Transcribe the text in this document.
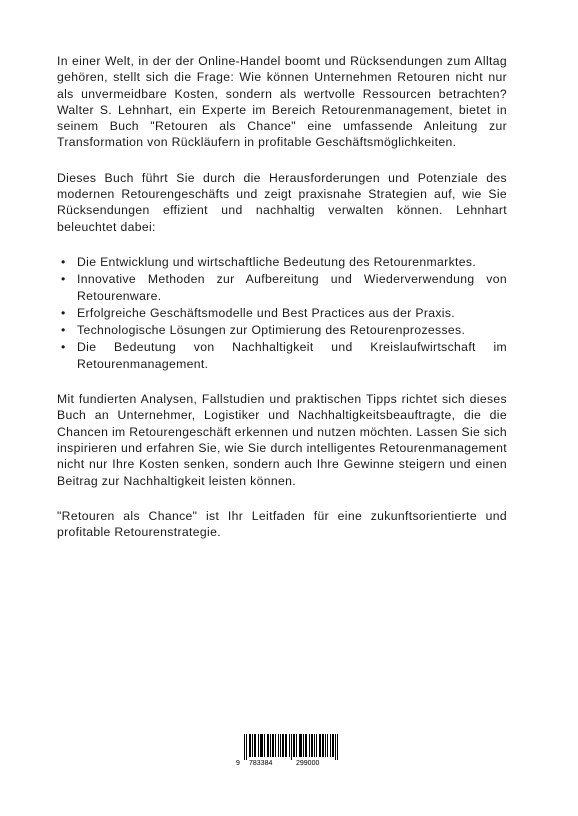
In einer Welt, in der der Online-Handel boomt und Rücksendungen zum Alltag gehören, stellt sich die Frage: Wie können Unternehmen Retouren nicht nur als unvermeidbare Kosten, sondern als wertvolle Ressourcen betrachten? Walter S. Lehnhart, ein Experte im Bereich Retourenmanagement, bietet in seinem Buch "Retouren als Chance" eine umfassende Anleitung zur Transformation von Rückläufern in profitable Geschäftsmöglichkeiten.

Dieses Buch führt Sie durch die Herausforderungen und Potenziale des modernen Retourengeschäfts und zeigt praxisnahe Strategien auf, wie Sie Rücksendungen effizient und nachhaltig verwalten können. Lehnhart beleuchtet dabei:

• Die Entwicklung und wirtschaftliche Bedeutung des Retourenmarktes.
• Innovative Methoden zur Aufbereitung und Wiederverwendung von Retourenware.
• Erfolgreiche Geschäftsmodelle und Best Practices aus der Praxis.
• Technologische Lösungen zur Optimierung des Retourenprozesses.
• Die Bedeutung von Nachhaltigkeit und Kreislaufwirtschaft im Retourenmanagement.

Mit fundierten Analysen, Fallstudien und praktischen Tipps richtet sich dieses Buch an Unternehmer, Logistiker und Nachhaltigkeitsbeauftragte, die die Chancen im Retourengeschäft erkennen und nutzen möchten. Lassen Sie sich inspirieren und erfahren Sie, wie Sie durch intelligentes Retourenmanagement nicht nur Ihre Kosten senken, sondern auch Ihre Gewinne steigern und einen Beitrag zur Nachhaltigkeit leisten können.

"Retouren als Chance" ist Ihr Leitfaden für eine zukunftsorientierte und profitable Retourenstrategie.

9 783384	299000
